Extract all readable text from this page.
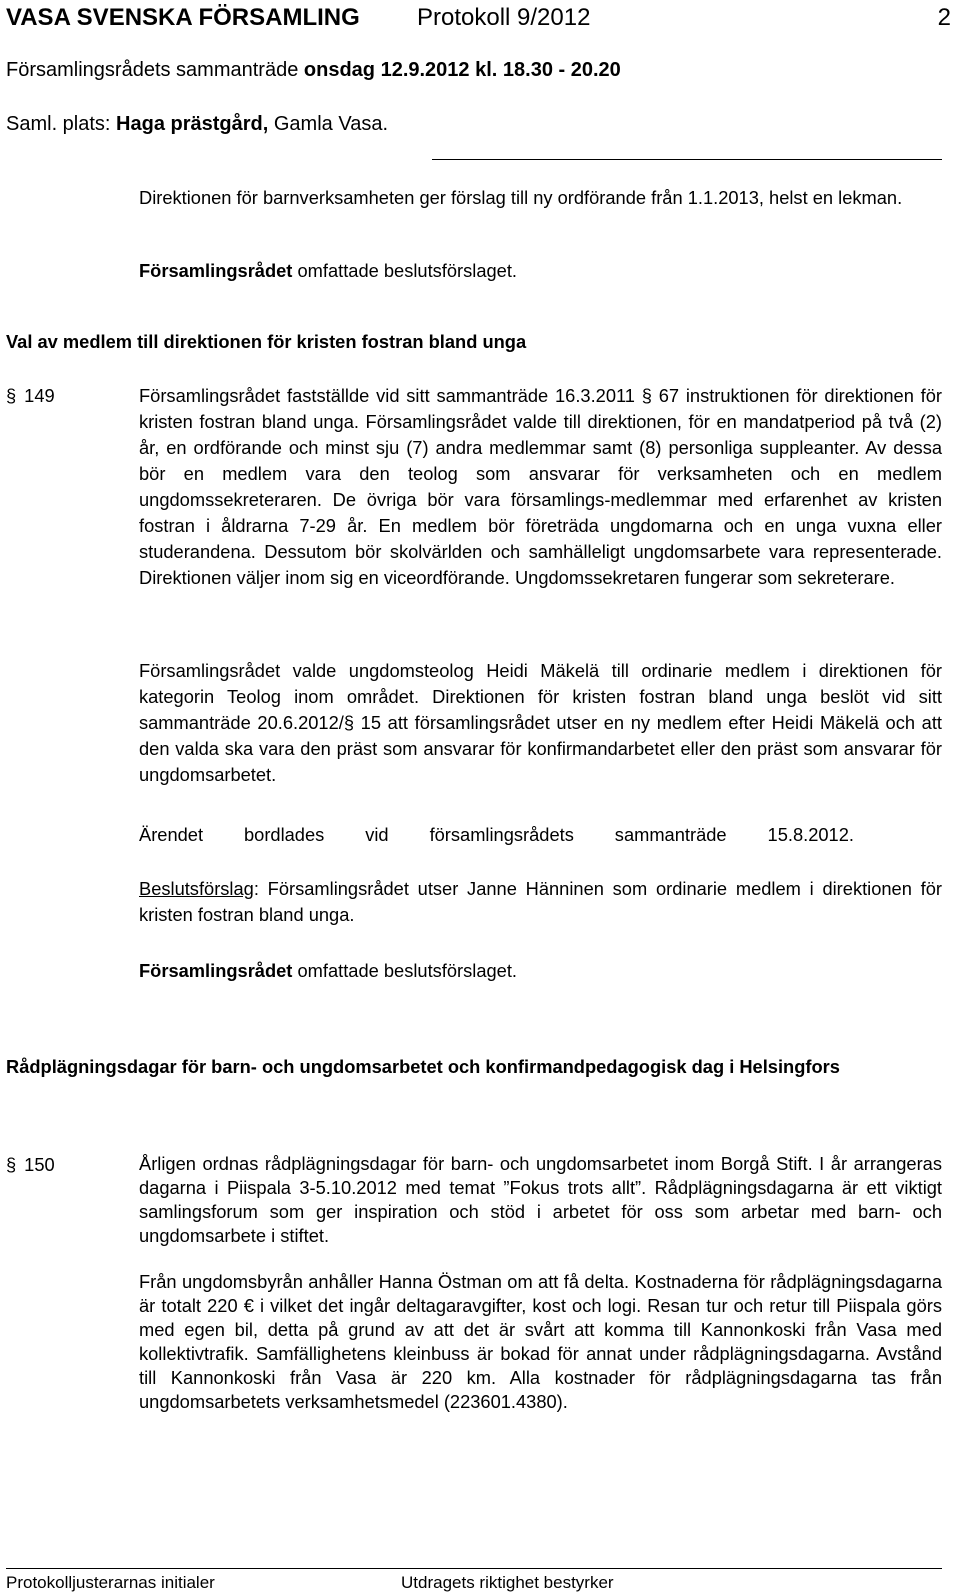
VASA SVENSKA FÖRSAMLING Protokoll 9/2012	2
Församlingsrådets sammanträde onsdag 12.9.2012 kl. 18.30 - 20.20
Saml. plats: Haga prästgård, Gamla Vasa.
Direktionen för barnverksamheten ger förslag till ny ordförande från 1.1.2013, helst en lekman.
Församlingsrådet omfattade beslutsförslaget.
Val av medlem till direktionen för kristen fostran bland unga
§ 149	Församlingsrådet fastställde vid sitt sammanträde 16.3.2011 § 67 instruktionen för direktionen för kristen fostran bland unga. Församlingsrådet valde till direktionen, för en mandatperiod på två (2) år, en ordförande och minst sju (7) andra medlemmar samt (8) personliga suppleanter. Av dessa bör en medlem vara den teolog som ansvarar för verksamheten och en medlem ungdomssekreteraren. De övriga bör vara församlings-medlemmar med erfarenhet av kristen fostran i åldrarna 7-29 år. En medlem bör företräda ungdomarna och en unga vuxna eller studerandena. Dessutom bör skolvärlden och samhälleligt ungdomsarbete vara representerade. Direktionen väljer inom sig en viceordförande. Ungdomssekretaren fungerar som sekreterare.
Församlingsrådet valde ungdomsteolog Heidi Mäkelä till ordinarie medlem i direktionen för kategorin Teolog inom området. Direktionen för kristen fostran bland unga beslöt vid sitt sammanträde 20.6.2012/§ 15 att församlingsrådet utser en ny medlem efter Heidi Mäkelä och att den valda ska vara den präst som ansvarar för konfirmandarbetet eller den präst som ansvarar för ungdomsarbetet.
Ärendet bordlades vid församlingsrådets sammanträde 15.8.2012.
Beslutsförslag: Församlingsrådet utser Janne Hänninen som ordinarie medlem i direktionen för kristen fostran bland unga.
Församlingsrådet omfattade beslutsförslaget.
Rådplägningsdagar för barn- och ungdomsarbetet och konfirmandpedagogisk dag i Helsingfors
§ 150	Årligen ordnas rådplägningsdagar för barn- och ungdomsarbetet inom Borgå Stift. I år arrangeras dagarna i Piispala 3-5.10.2012 med temat ”Fokus trots allt”. Rådplägningsdagarna är ett viktigt samlingsforum som ger inspiration och stöd i arbetet för oss som arbetar med barn- och ungdomsarbete i stiftet.
Från ungdomsbyrån anhåller Hanna Östman om att få delta. Kostnaderna för rådplägningsdagarna är totalt 220 € i vilket det ingår deltagaravgifter, kost och logi. Resan tur och retur till Piispala görs med egen bil, detta på grund av att det är svårt att komma till Kannonkoski från Vasa med kollektivtrafik. Samfällighetens kleinbuss är bokad för annat under rådplägningsdagarna. Avstånd till Kannonkoski från Vasa är 220 km. Alla kostnader för rådplägningsdagarna tas från ungdomsarbetets verksamhetsmedel (223601.4380).
Protokolljusterarnas initialer	Utdragets riktighet bestyrker
